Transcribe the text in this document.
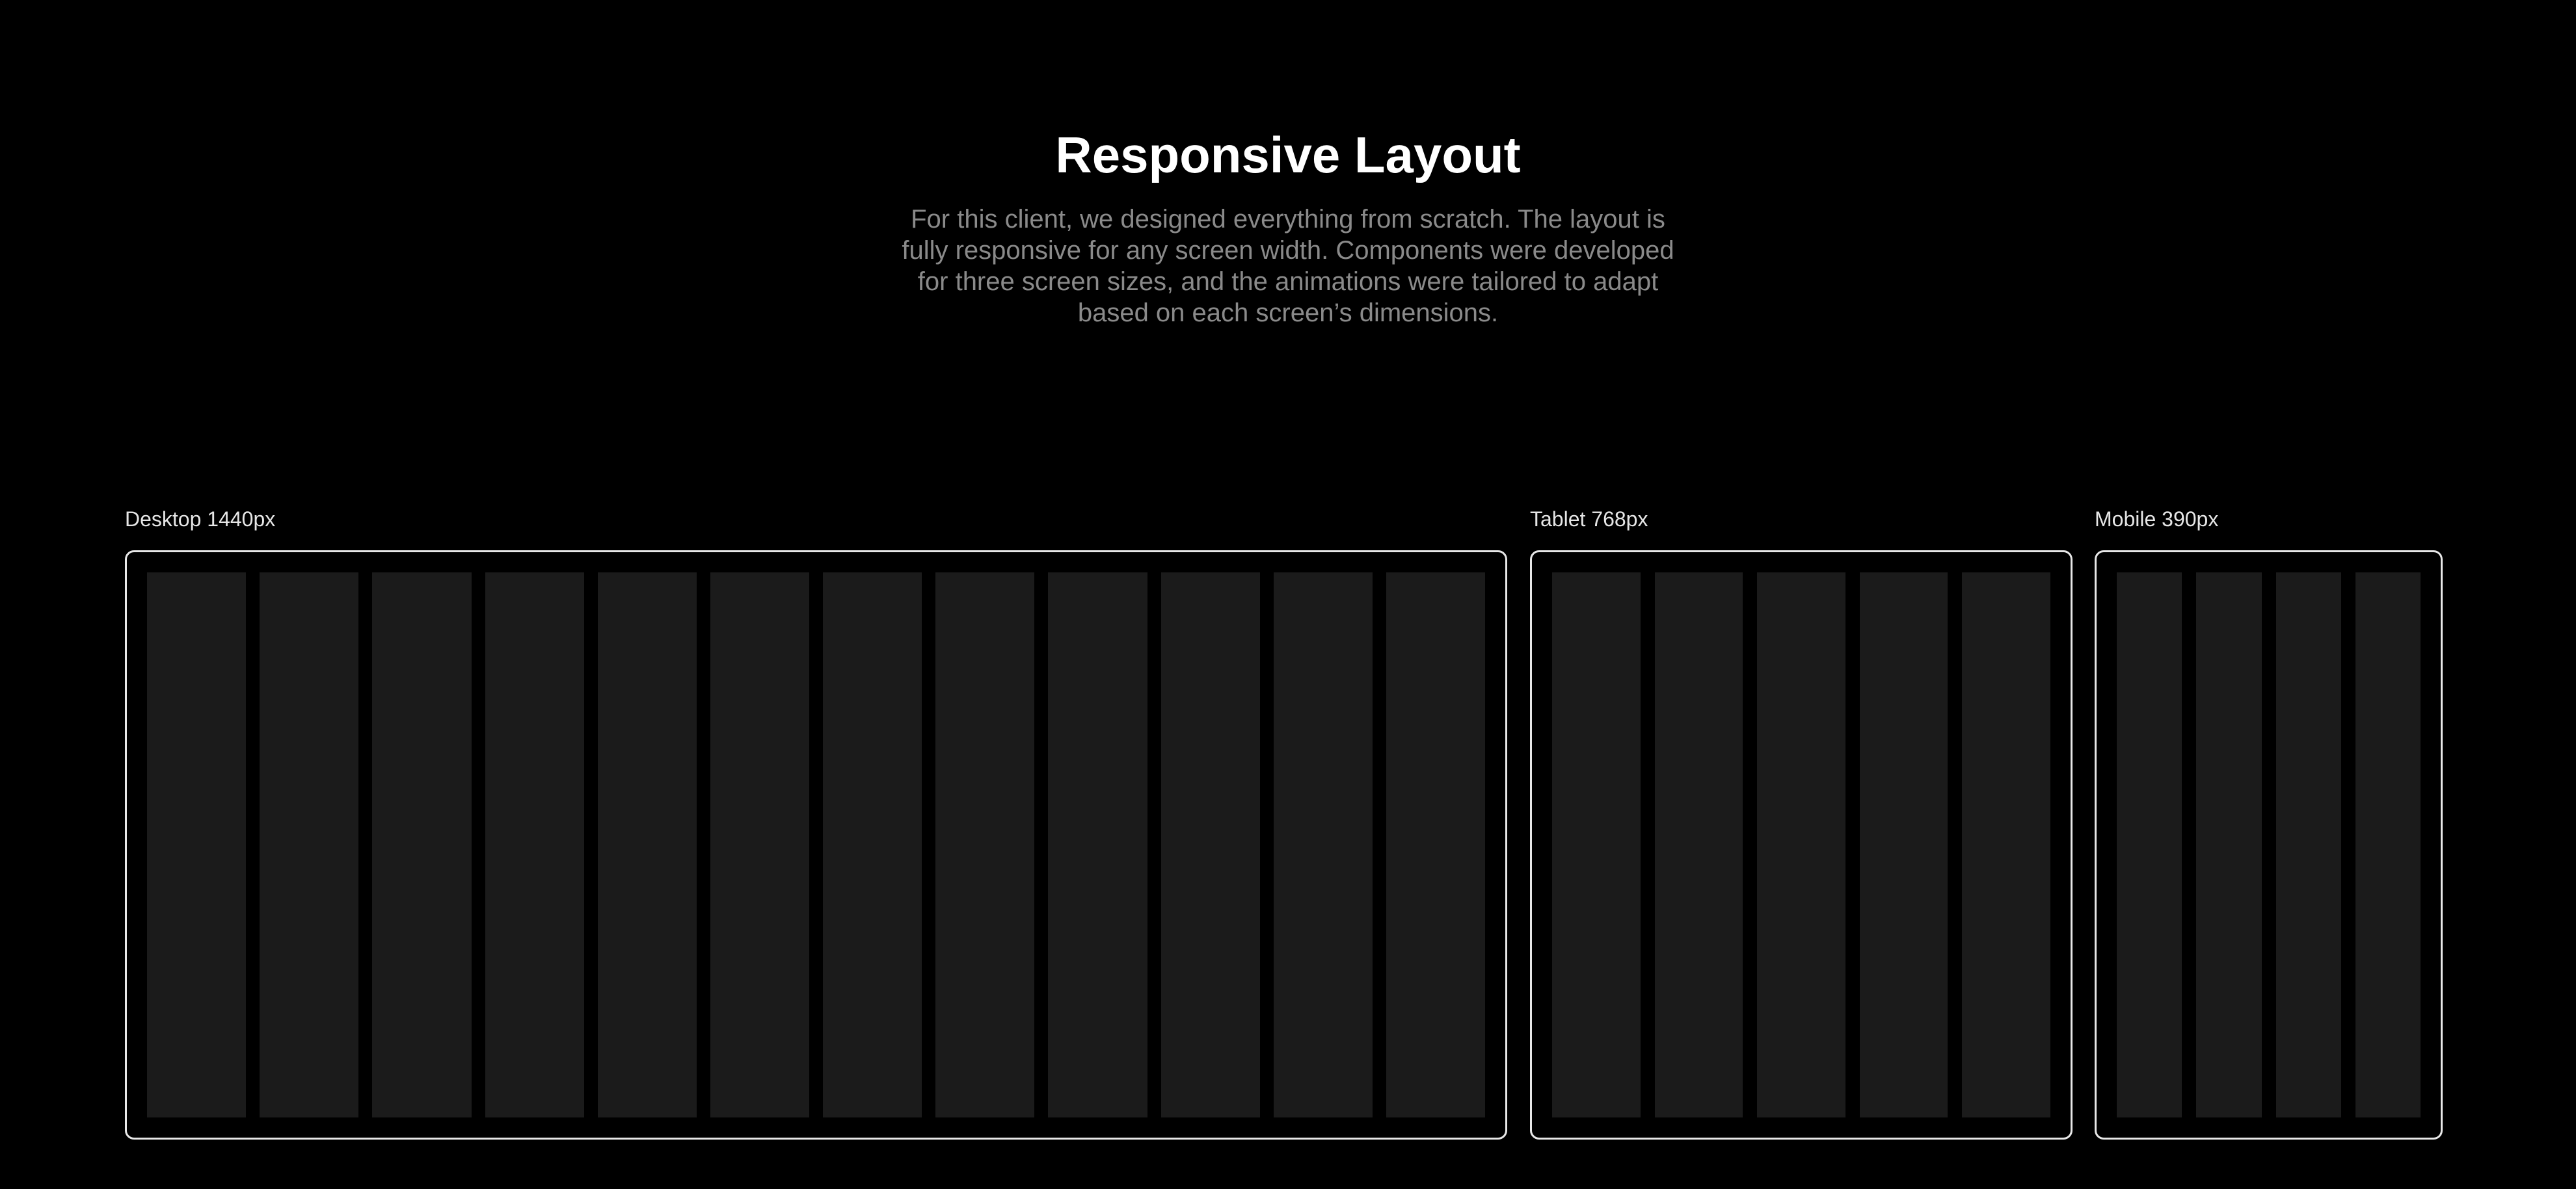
Responsive Layout

For this client, we designed everything from scratch. The layout is fully responsive for any screen width. Components were developed for three screen sizes, and the animations were tailored to adapt based on each screen’s dimensions.

Desktop 1440px	Tablet 768px	Mobile 390px
